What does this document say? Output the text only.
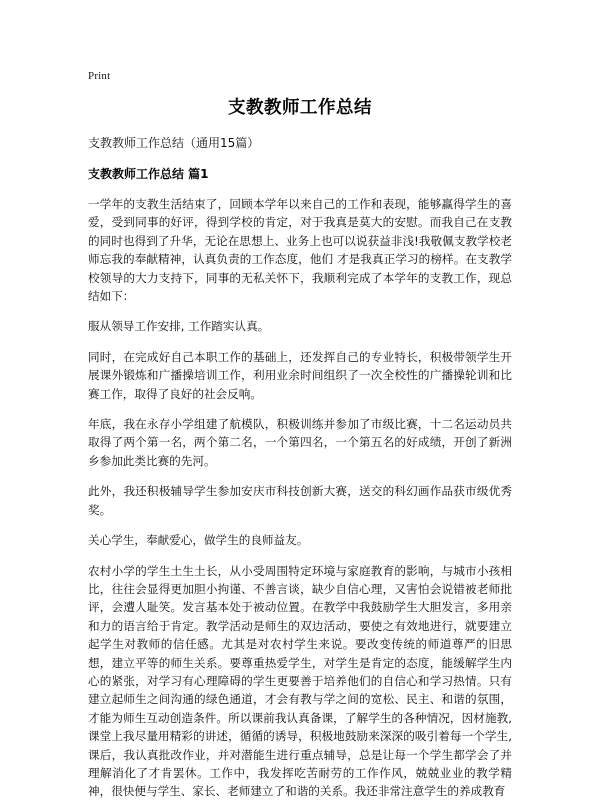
Print
支教教师工作总结

支教教师工作总结（通用15篇）

支教教师工作总结 篇1

一学年的支教生活结束了，回顾本学年以来自己的工作和表现，能够赢得学生的喜爱，受到同事的好评，得到学校的肯定，对于我真是莫大的安慰。而我自己在支教的同时也得到了升华，无论在思想上、业务上也可以说获益非浅!我敬佩支教学校老师忘我的奉献精神，认真负责的工作态度，他们 才是我真正学习的榜样。在支教学校领导的大力支持下，同事的无私关怀下，我顺利完成了本学年的支教工作，现总结如下：

服从领导工作安排, 工作踏实认真。

同时，在完成好自己本职工作的基础上，还发挥自己的专业特长，积极带领学生开展课外锻炼和广播操培训工作，利用业余时间组织了一次全校性的广播操轮训和比赛工作，取得了良好的社会反响。

年底，我在永存小学组建了航模队，积极训练并参加了市级比赛，十二名运动员共取得了两个第一名，两个第二名，一个第四名，一个第五名的好成绩，开创了新洲乡参加此类比赛的先河。

此外，我还积极辅导学生参加安庆市科技创新大赛，送交的科幻画作品获市级优秀奖。

关心学生，奉献爱心，做学生的良师益友。

农村小学的学生土生土长，从小受周围特定环境与家庭教育的影响，与城市小孩相比，往往会显得更加胆小拘谨、不善言谈，缺少自信心理，又害怕会说错被老师批评，会遭人耻笑。发言基本处于被动位置。在教学中我鼓励学生大胆发言，多用亲和力的语言给于肯定。教学活动是师生的双边活动，要使之有效地进行，就要建立起学生对教师的信任感。尤其是对农村学生来说。要改变传统的师道尊严的旧思想，建立平等的师生关系。要尊重热爱学生，对学生是肯定的态度，能缓解学生内心的紧张，对学习有心理障碍的学生更要善于培养他们的自信心和学习热情。只有建立起师生之间沟通的绿色通道，才会有教与学之间的宽松、民主、和谐的氛围，才能为师生互动创造条件。所以课前我认真备课，了解学生的各种情况，因材施教,课堂上我尽量用精彩的讲述，循循的诱导，积极地鼓励来深深的吸引着每一个学生,课后，我认真批改作业，并对潜能生进行重点辅导，总是让每一个学生都学会了并理解消化了才肯罢休。工作中，我发挥吃苦耐劳的工作作风，兢兢业业的教学精神，很快便与学生、家长、老师建立了和谐的关系。我还非常注意学生的养成教育
